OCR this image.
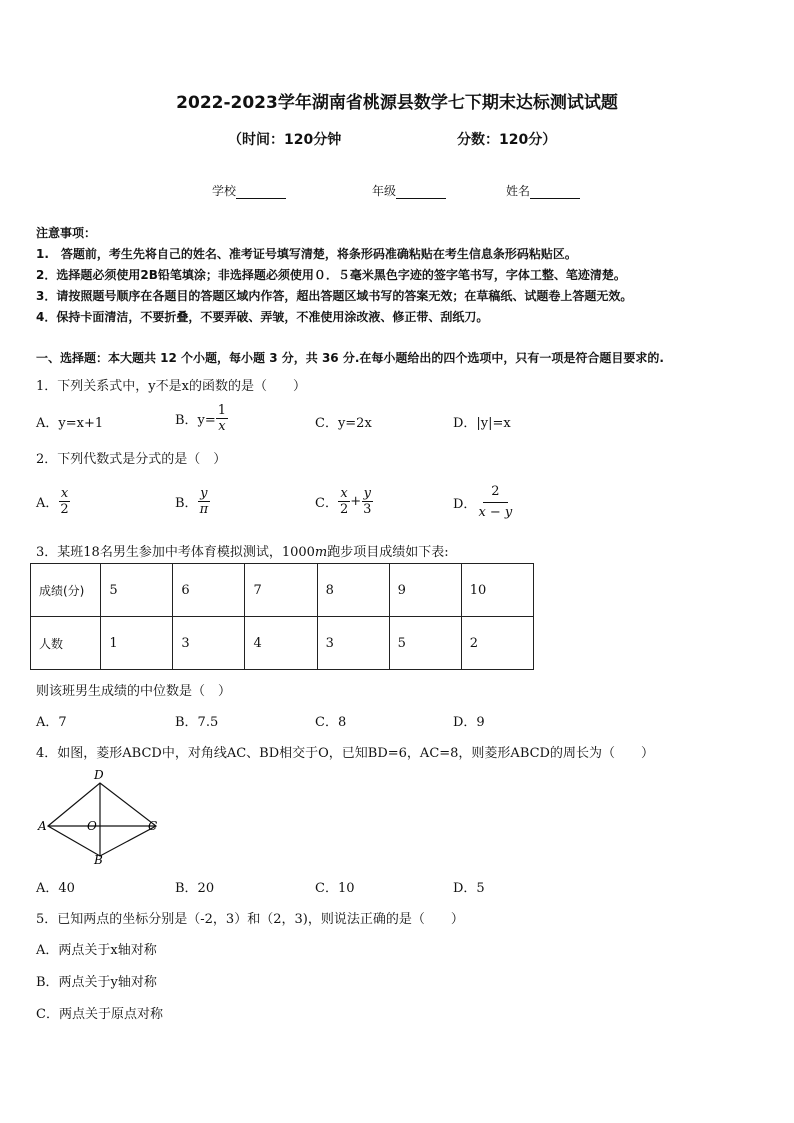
2022-2023学年湖南省桃源县数学七下期末达标测试试题
（时间：120分钟	分数：120分）
学校	年级	姓名
注意事项：
1.　答题前，考生先将自己的姓名、准考证号填写清楚，将条形码准确粘贴在考生信息条形码粘贴区。
2．选择题必须使用2B铅笔填涂；非选择题必须使用０．５毫米黑色字迹的签字笔书写，字体工整、笔迹清楚。
3．请按照题号顺序在各题目的答题区域内作答，超出答题区域书写的答案无效；在草稿纸、试题卷上答题无效。
4．保持卡面清洁，不要折叠，不要弄破、弄皱，不准使用涂改液、修正带、刮纸刀。
一、选择题：本大题共 12 个小题，每小题 3 分，共 36 分.在每小题给出的四个选项中，只有一项是符合题目要求的.
1．下列关系式中，y不是x的函数的是（　　）
A．y=x+1	B．$y= \frac{1}{x}$	C．y=2x	D．|y|=x
2．下列代数式是分式的是（　）
A． $\frac{x}{2}$	B． $\frac{y}{\pi}$	C． $\frac{x}{2} + \frac{y}{3}$	D． $\frac{2}{x - y}$
3．某班18名男生参加中考体育模拟测试，1000m跑步项目成绩如下表:
成绩(分)	5	6	7	8	9	10
人数	1	3	4	3	5	2
则该班男生成绩的中位数是（　）
A．7	B．7.5	C．8	D．9
4．如图，菱形ABCD中，对角线AC、BD相交于O，已知BD=6，AC=8，则菱形ABCD的周长为（　　）
A
D
C
B
O
A．40	B．20	C．10	D．5
5．已知两点的坐标分别是（-2，3）和（2，3)，则说法正确的是（　　）
A．两点关于x轴对称
B．两点关于y轴对称
C．两点关于原点对称
